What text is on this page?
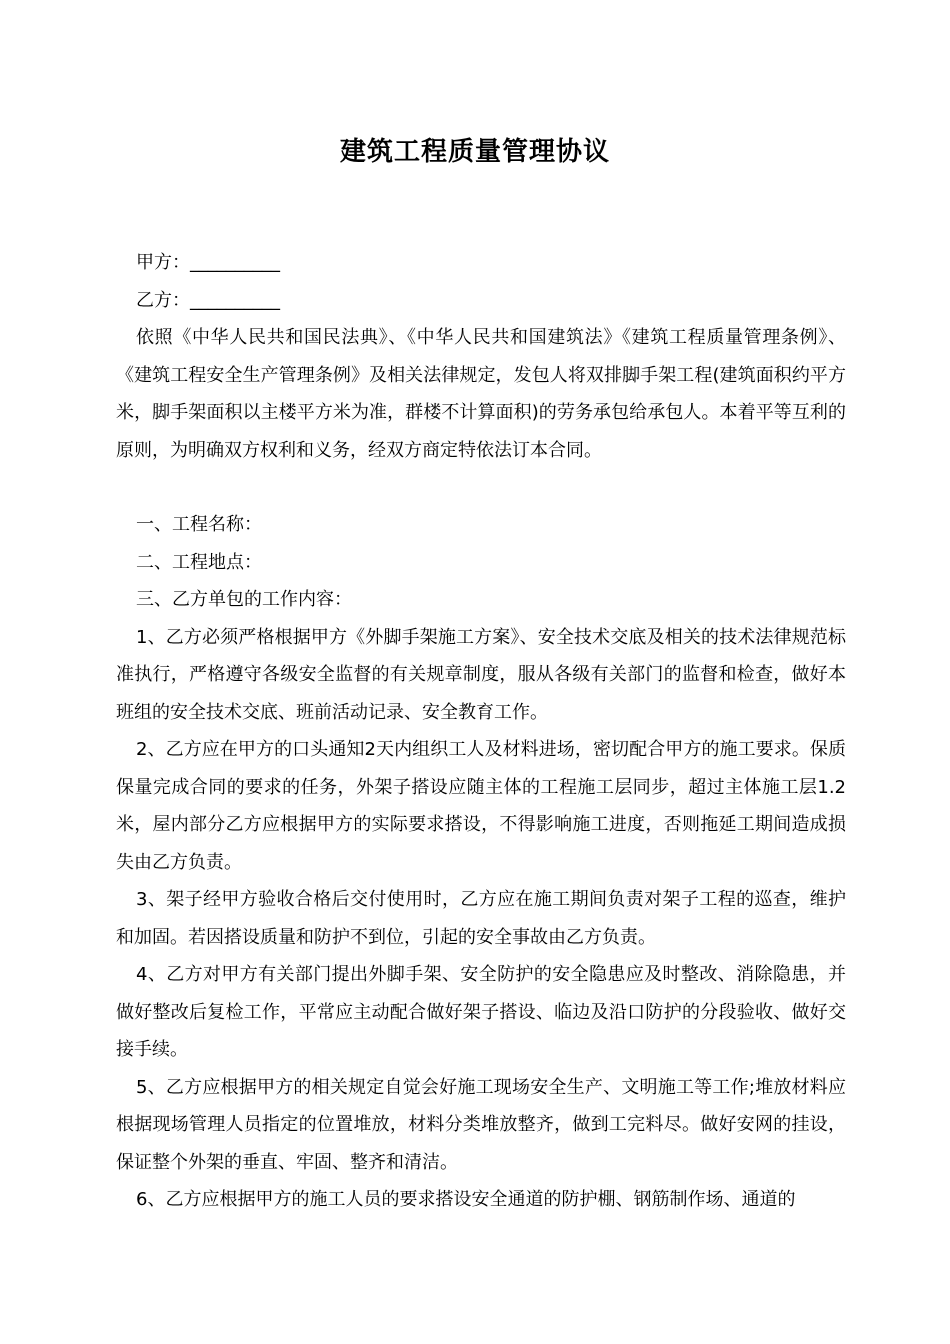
建筑工程质量管理协议

甲方：__________

乙方：__________

依照《中华人民共和国民法典》、《中华人民共和国建筑法》《建筑工程质量管理条例》、《建筑工程安全生产管理条例》及相关法律规定，发包人将双排脚手架工程(建筑面积约平方米，脚手架面积以主楼平方米为准，群楼不计算面积)的劳务承包给承包人。本着平等互利的原则，为明确双方权利和义务，经双方商定特依法订本合同。

一、工程名称：

二、工程地点：

三、乙方单包的工作内容：

1、乙方必须严格根据甲方《外脚手架施工方案》、安全技术交底及相关的技术法律规范标准执行，严格遵守各级安全监督的有关规章制度，服从各级有关部门的监督和检查，做好本班组的安全技术交底、班前活动记录、安全教育工作。

2、乙方应在甲方的口头通知2天内组织工人及材料进场，密切配合甲方的施工要求。保质保量完成合同的要求的任务，外架子搭设应随主体的工程施工层同步，超过主体施工层1.2米，屋内部分乙方应根据甲方的实际要求搭设，不得影响施工进度，否则拖延工期间造成损失由乙方负责。

3、架子经甲方验收合格后交付使用时，乙方应在施工期间负责对架子工程的巡查，维护和加固。若因搭设质量和防护不到位，引起的安全事故由乙方负责。

4、乙方对甲方有关部门提出外脚手架、安全防护的安全隐患应及时整改、消除隐患，并做好整改后复检工作，平常应主动配合做好架子搭设、临边及沿口防护的分段验收、做好交接手续。

5、乙方应根据甲方的相关规定自觉会好施工现场安全生产、文明施工等工作;堆放材料应根据现场管理人员指定的位置堆放，材料分类堆放整齐，做到工完料尽。做好安网的挂设，保证整个外架的垂直、牢固、整齐和清洁。

6、乙方应根据甲方的施工人员的要求搭设安全通道的防护棚、钢筋制作场、通道的
